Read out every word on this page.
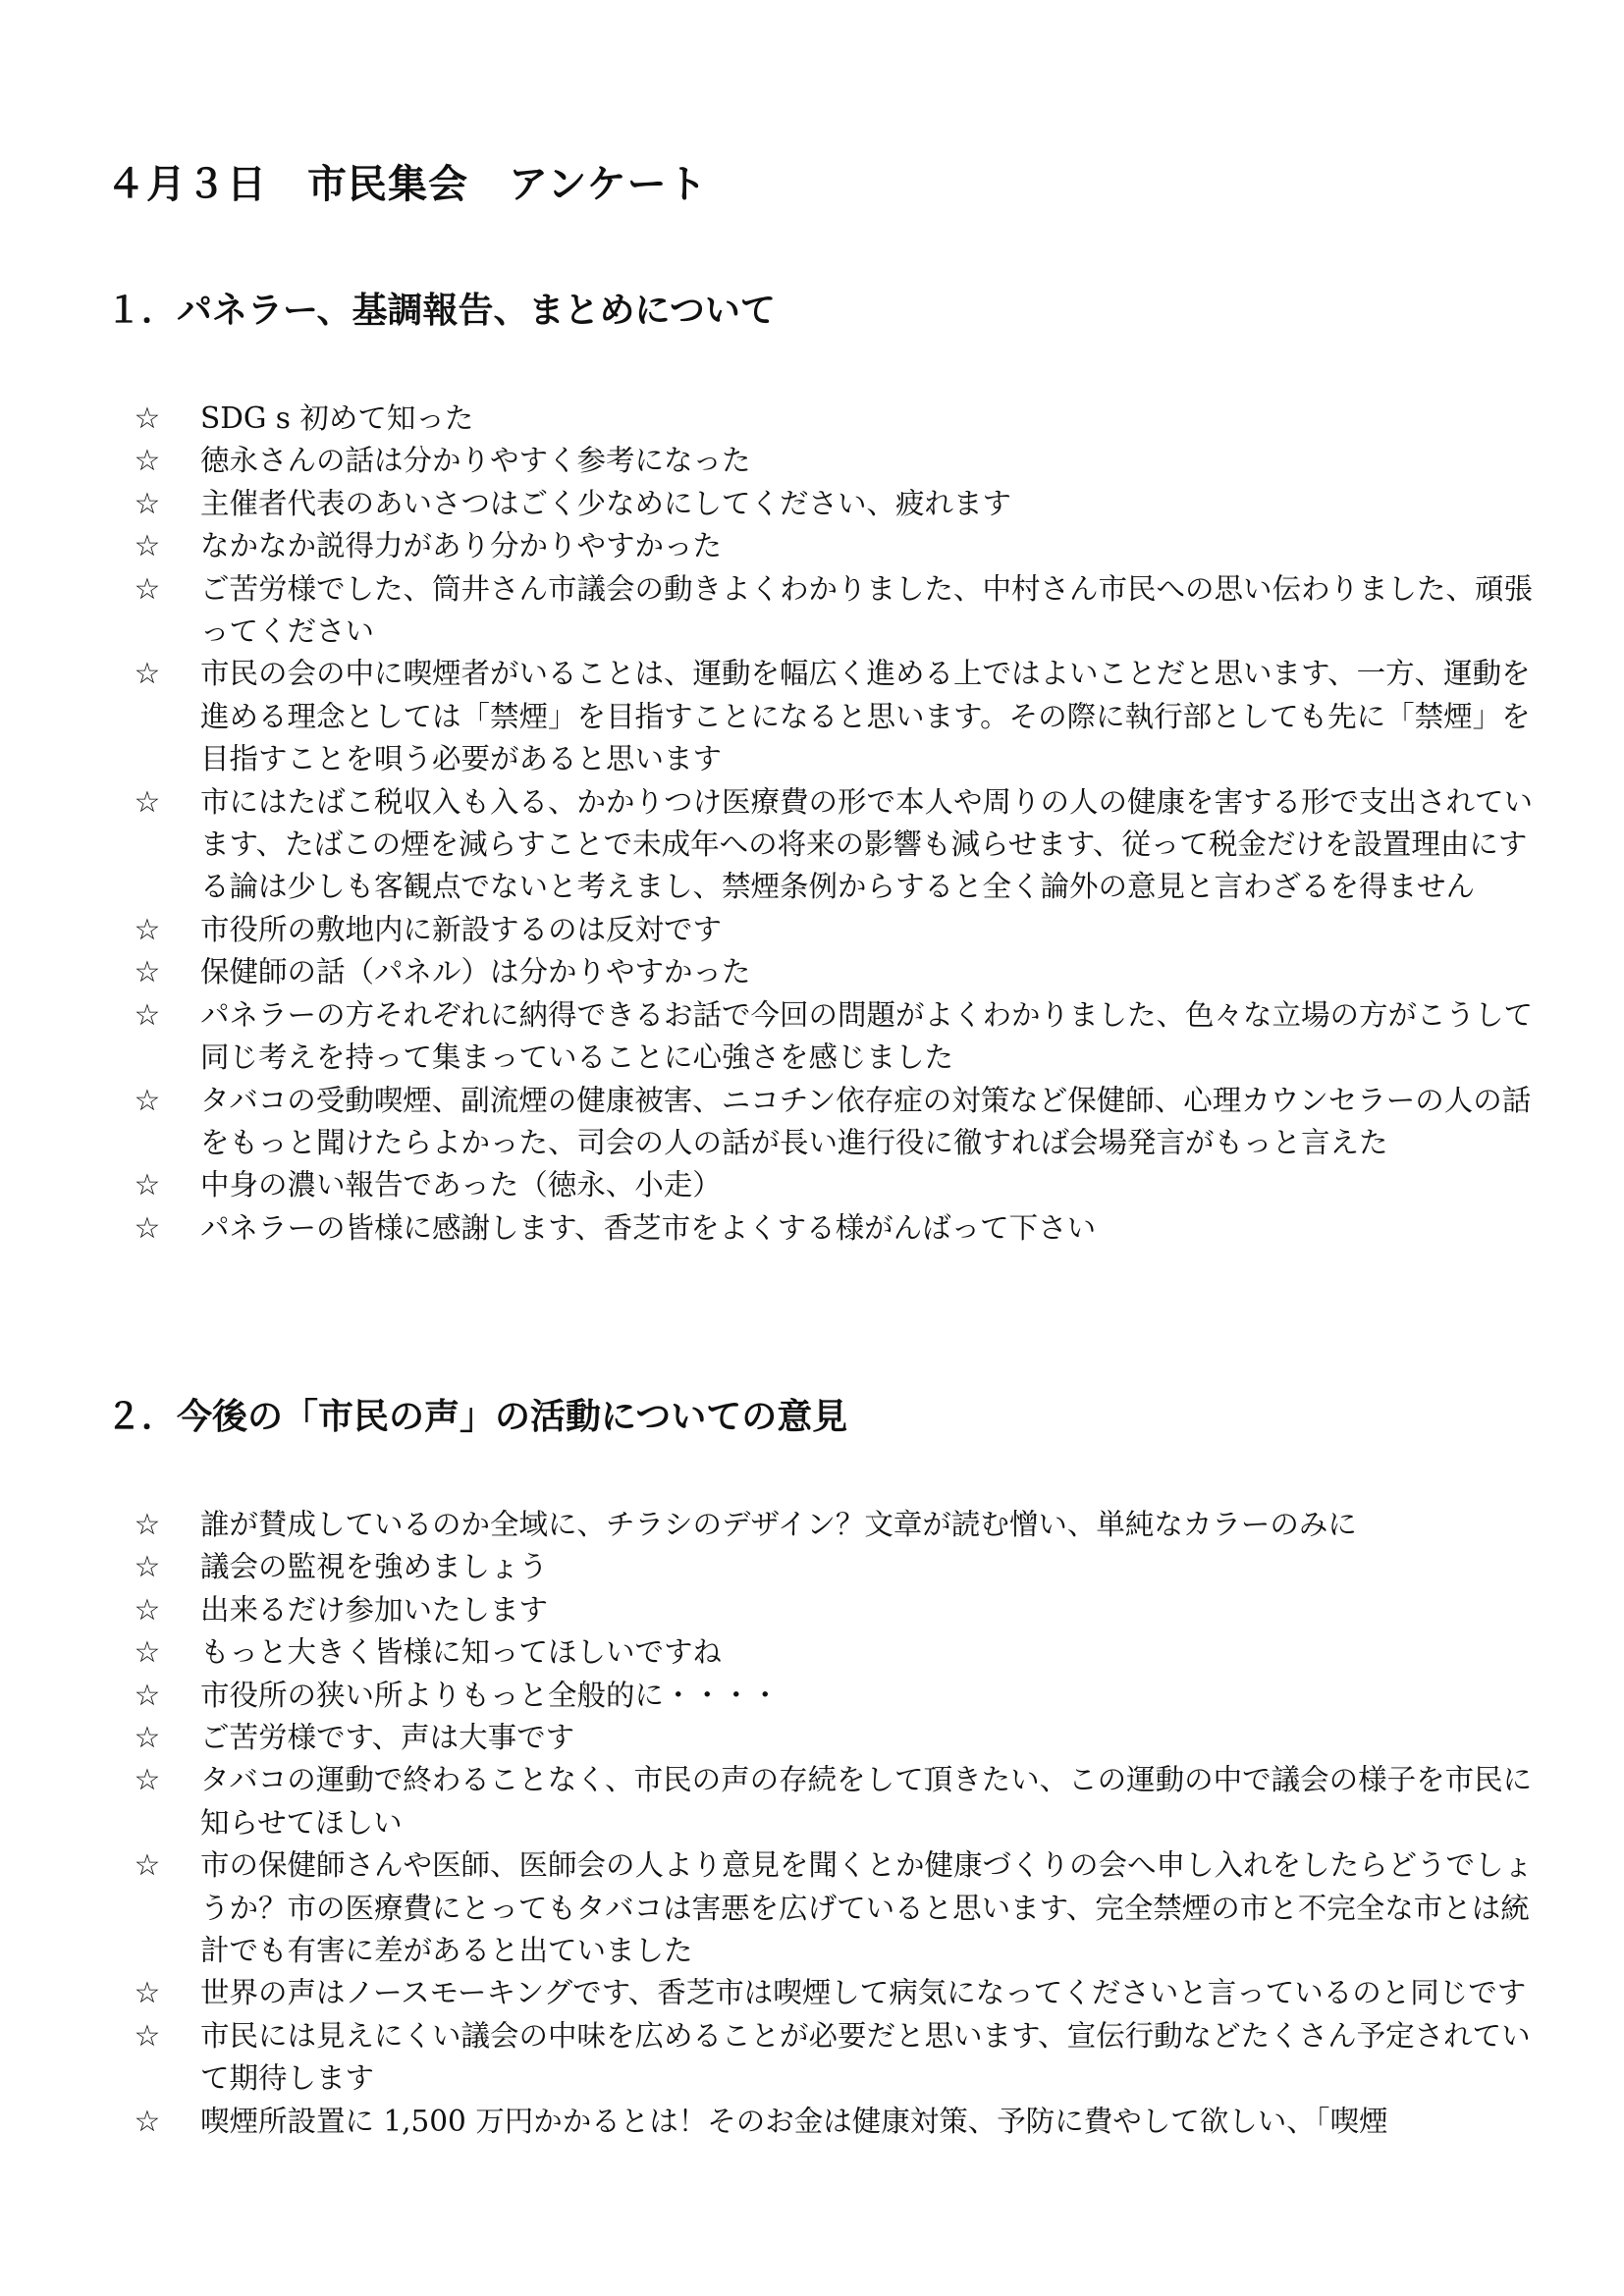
４月３日　市民集会　アンケート
１．パネラー、基調報告、まとめについて
☆ SDG s 初めて知った
☆ 徳永さんの話は分かりやすく参考になった
☆ 主催者代表のあいさつはごく少なめにしてください、疲れます
☆ なかなか説得力があり分かりやすかった
☆ ご苦労様でした、筒井さん市議会の動きよくわかりました、中村さん市民への思い伝わりました、頑張ってください
☆ 市民の会の中に喫煙者がいることは、運動を幅広く進める上ではよいことだと思います、一方、運動を進める理念としては「禁煙」を目指すことになると思います。その際に執行部としても先に「禁煙」を目指すことを唄う必要があると思います
☆ 市にはたばこ税収入も入る、かかりつけ医療費の形で本人や周りの人の健康を害する形で支出されています、たばこの煙を減らすことで未成年への将来の影響も減らせます、従って税金だけを設置理由にする論は少しも客観点でないと考えまし、禁煙条例からすると全く論外の意見と言わざるを得ません
☆ 市役所の敷地内に新設するのは反対です
☆ 保健師の話（パネル）は分かりやすかった
☆ パネラーの方それぞれに納得できるお話で今回の問題がよくわかりました、色々な立場の方がこうして同じ考えを持って集まっていることに心強さを感じました
☆ タバコの受動喫煙、副流煙の健康被害、ニコチン依存症の対策など保健師、心理カウンセラーの人の話をもっと聞けたらよかった、司会の人の話が長い進行役に徹すれば会場発言がもっと言えた
☆ 中身の濃い報告であった（徳永、小走）
☆ パネラーの皆様に感謝します、香芝市をよくする様がんばって下さい
２．今後の「市民の声」の活動についての意見
☆ 誰が賛成しているのか全域に、チラシのデザイン？文章が読む憎い、単純なカラーのみに
☆ 議会の監視を強めましょう
☆ 出来るだけ参加いたします
☆ もっと大きく皆様に知ってほしいですね
☆ 市役所の狭い所よりもっと全般的に・・・・
☆ ご苦労様です、声は大事です
☆ タバコの運動で終わることなく、市民の声の存続をして頂きたい、この運動の中で議会の様子を市民に知らせてほしい
☆ 市の保健師さんや医師、医師会の人より意見を聞くとか健康づくりの会へ申し入れをしたらどうでしょうか？市の医療費にとってもタバコは害悪を広げていると思います、完全禁煙の市と不完全な市とは統計でも有害に差があると出ていました
☆ 世界の声はノースモーキングです、香芝市は喫煙して病気になってくださいと言っているのと同じです
☆ 市民には見えにくい議会の中味を広めることが必要だと思います、宣伝行動などたくさん予定されていて期待します
☆ 喫煙所設置に 1,500 万円かかるとは！そのお金は健康対策、予防に費やして欲しい、「喫煙
